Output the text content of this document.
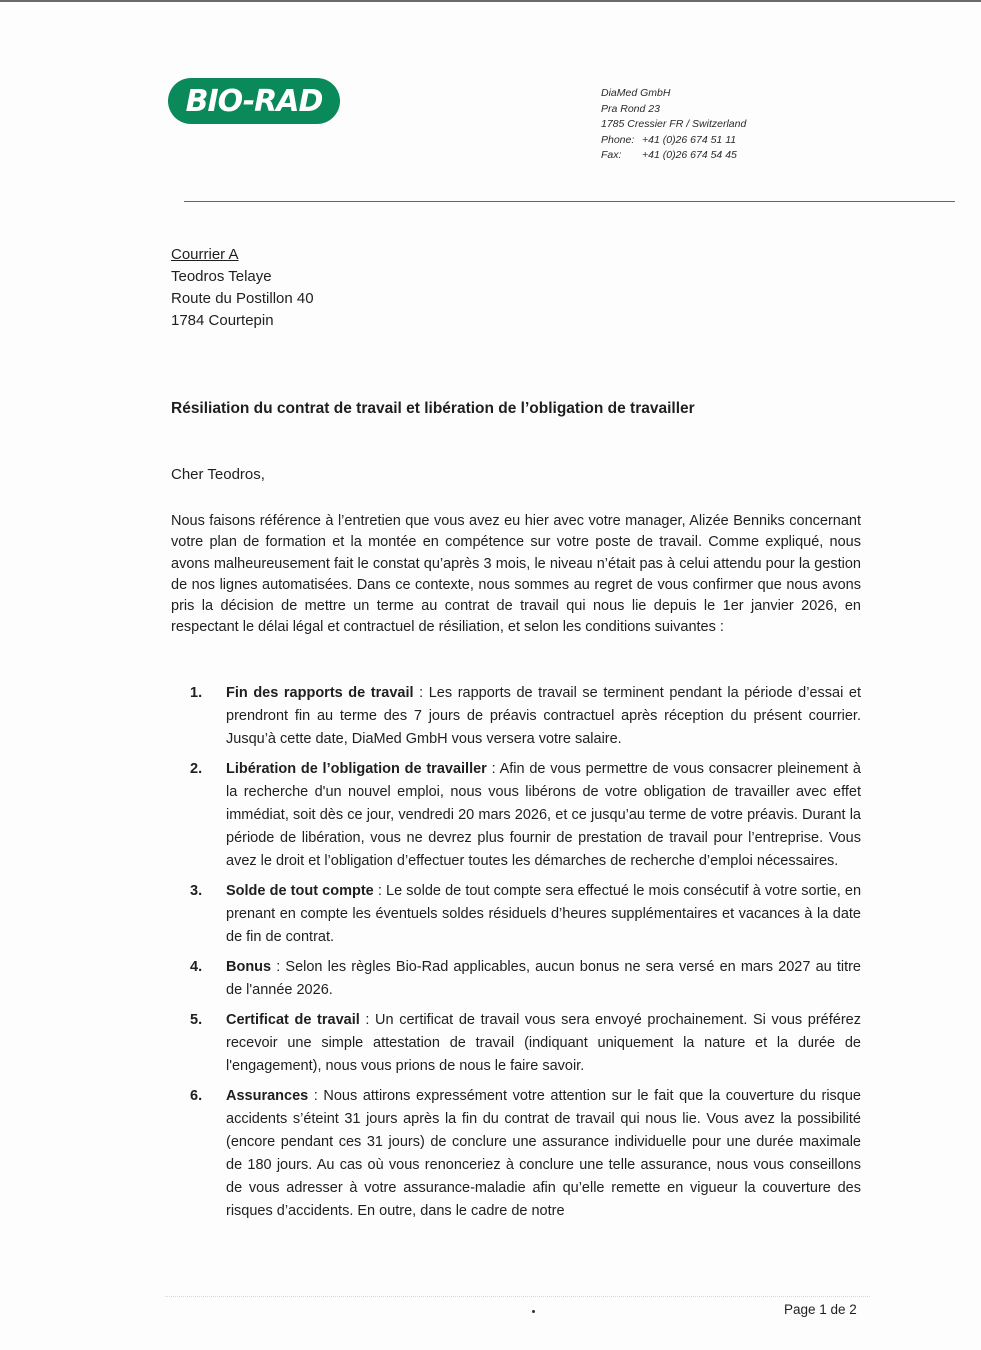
BIO-RAD	DiaMed GmbH
Pra Rond 23
1785 Cressier FR / Switzerland
Phone: +41 (0)26 674 51 11
Fax: +41 (0)26 674 54 45
Courrier A
Teodros Telaye
Route du Postillon 40
1784 Courtepin
Résiliation du contrat de travail et libération de l’obligation de travailler
Cher Teodros,
Nous faisons référence à l’entretien que vous avez eu hier avec votre manager, Alizée Benniks concernant votre plan de formation et la montée en compétence sur votre poste de travail. Comme expliqué, nous avons malheureusement fait le constat qu’après 3 mois, le niveau n’était pas à celui attendu pour la gestion de nos lignes automatisées. Dans ce contexte, nous sommes au regret de vous confirmer que nous avons pris la décision de mettre un terme au contrat de travail qui nous lie depuis le 1er janvier 2026, en respectant le délai légal et contractuel de résiliation, et selon les conditions suivantes :
1. Fin des rapports de travail : Les rapports de travail se terminent pendant la période d’essai et prendront fin au terme des 7 jours de préavis contractuel après réception du présent courrier. Jusqu’à cette date, DiaMed GmbH vous versera votre salaire.
2. Libération de l’obligation de travailler : Afin de vous permettre de vous consacrer pleinement à la recherche d'un nouvel emploi, nous vous libérons de votre obligation de travailler avec effet immédiat, soit dès ce jour, vendredi 20 mars 2026, et ce jusqu’au terme de votre préavis. Durant la période de libération, vous ne devrez plus fournir de prestation de travail pour l’entreprise. Vous avez le droit et l’obligation d’effectuer toutes les démarches de recherche d’emploi nécessaires.
3. Solde de tout compte : Le solde de tout compte sera effectué le mois consécutif à votre sortie, en prenant en compte les éventuels soldes résiduels d’heures supplémentaires et vacances à la date de fin de contrat.
4. Bonus : Selon les règles Bio-Rad applicables, aucun bonus ne sera versé en mars 2027 au titre de l'année 2026.
5. Certificat de travail : Un certificat de travail vous sera envoyé prochainement. Si vous préférez recevoir une simple attestation de travail (indiquant uniquement la nature et la durée de l'engagement), nous vous prions de nous le faire savoir.
6. Assurances : Nous attirons expressément votre attention sur le fait que la couverture du risque accidents s’éteint 31 jours après la fin du contrat de travail qui nous lie. Vous avez la possibilité (encore pendant ces 31 jours) de conclure une assurance individuelle pour une durée maximale de 180 jours. Au cas où vous renonceriez à conclure une telle assurance, nous vous conseillons de vous adresser à votre assurance-maladie afin qu’elle remette en vigueur la couverture des risques d’accidents. En outre, dans le cadre de notre
Page 1 de 2
